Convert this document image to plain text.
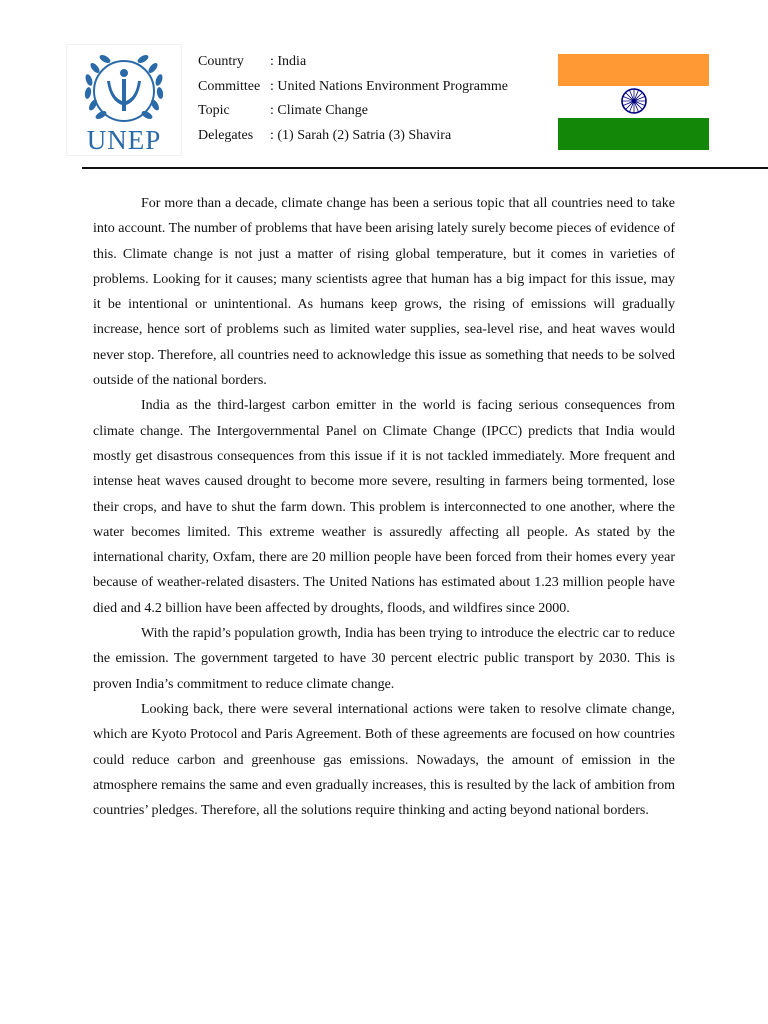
UNEP
Country	: India
Committee : United Nations Environment Programme
Topic	: Climate Change
Delegates	: (1) Sarah (2) Satria (3) Shavira

For more than a decade, climate change has been a serious topic that all countries need to take into account. The number of problems that have been arising lately surely become pieces of evidence of this. Climate change is not just a matter of rising global temperature, but it comes in varieties of problems. Looking for it causes; many scientists agree that human has a big impact for this issue, may it be intentional or unintentional. As humans keep grows, the rising of emissions will gradually increase, hence sort of problems such as limited water supplies, sea-level rise, and heat waves would never stop. Therefore, all countries need to acknowledge this issue as something that needs to be solved outside of the national borders.

India as the third-largest carbon emitter in the world is facing serious consequences from climate change. The Intergovernmental Panel on Climate Change (IPCC) predicts that India would mostly get disastrous consequences from this issue if it is not tackled immediately. More frequent and intense heat waves caused drought to become more severe, resulting in farmers being tormented, lose their crops, and have to shut the farm down. This problem is interconnected to one another, where the water becomes limited. This extreme weather is assuredly affecting all people. As stated by the international charity, Oxfam, there are 20 million people have been forced from their homes every year because of weather-related disasters. The United Nations has estimated about 1.23 million people have died and 4.2 billion have been affected by droughts, floods, and wildfires since 2000.

With the rapid’s population growth, India has been trying to introduce the electric car to reduce the emission. The government targeted to have 30 percent electric public transport by 2030. This is proven India’s commitment to reduce climate change.

Looking back, there were several international actions were taken to resolve climate change, which are Kyoto Protocol and Paris Agreement. Both of these agreements are focused on how countries could reduce carbon and greenhouse gas emissions. Nowadays, the amount of emission in the atmosphere remains the same and even gradually increases, this is resulted by the lack of ambition from countries’ pledges. Therefore, all the solutions require thinking and acting beyond national borders.
